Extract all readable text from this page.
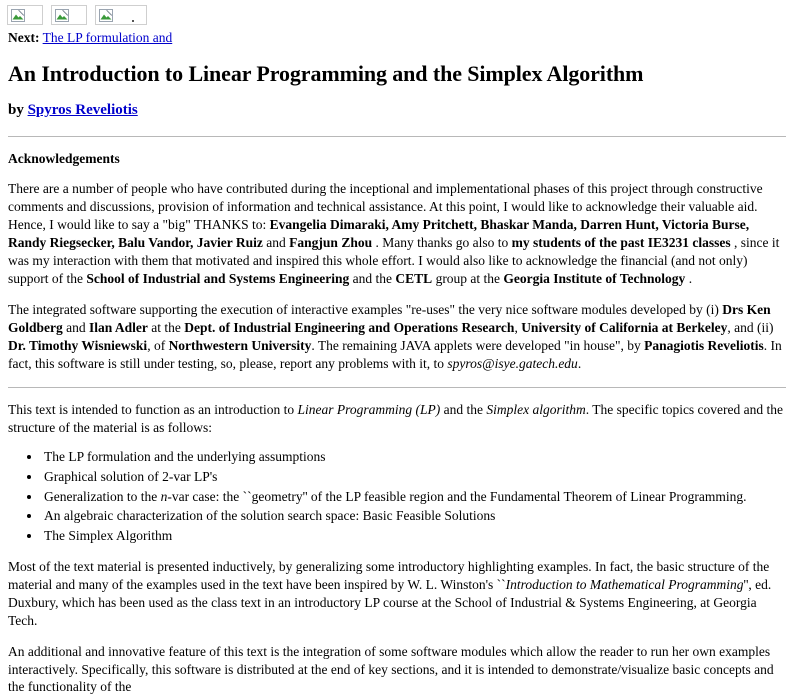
Next: The LP formulation and
An Introduction to Linear Programming and the Simplex Algorithm
by Spyros Reveliotis
Acknowledgements

There are a number of people who have contributed during the inceptional and implementational phases of this project through constructive comments and discussions, provision of information and technical assistance. At this point, I would like to acknowledge their valuable aid. Hence, I would like to say a "big" THANKS to: Evangelia Dimaraki, Amy Pritchett, Bhaskar Manda, Darren Hunt, Victoria Burse, Randy Riegsecker, Balu Vandor, Javier Ruiz and Fangjun Zhou . Many thanks go also to my students of the past IE3231 classes , since it was my interaction with them that motivated and inspired this whole effort. I would also like to acknowledge the financial (and not only) support of the School of Industrial and Systems Engineering and the CETL group at the Georgia Institute of Technology .

The integrated software supporting the execution of interactive examples "re-uses" the very nice software modules developed by (i) Drs Ken Goldberg and Ilan Adler at the Dept. of Industrial Engineering and Operations Research, University of California at Berkeley, and (ii) Dr. Timothy Wisniewski, of Northwestern University. The remaining JAVA applets were developed "in house", by Panagiotis Reveliotis. In fact, this software is still under testing, so, please, report any problems with it, to spyros@isye.gatech.edu.

This text is intended to function as an introduction to Linear Programming (LP) and the Simplex algorithm. The specific topics covered and the structure of the material is as follows:

• The LP formulation and the underlying assumptions
• Graphical solution of 2-var LP's
• Generalization to the n-var case: the ``geometry'' of the LP feasible region and the Fundamental Theorem of Linear Programming.
• An algebraic characterization of the solution search space: Basic Feasible Solutions
• The Simplex Algorithm

Most of the text material is presented inductively, by generalizing some introductory highlighting examples. In fact, the basic structure of the material and many of the examples used in the text have been inspired by W. L. Winston's ``Introduction to Mathematical Programming'', ed. Duxbury, which has been used as the class text in an introductory LP course at the School of Industrial & Systems Engineering, at Georgia Tech.

An additional and innovative feature of this text is the integration of some software modules which allow the reader to run her own examples interactively. Specifically, this software is distributed at the end of key sections, and it is intended to demonstrate/visualize basic concepts and the functionality of the
